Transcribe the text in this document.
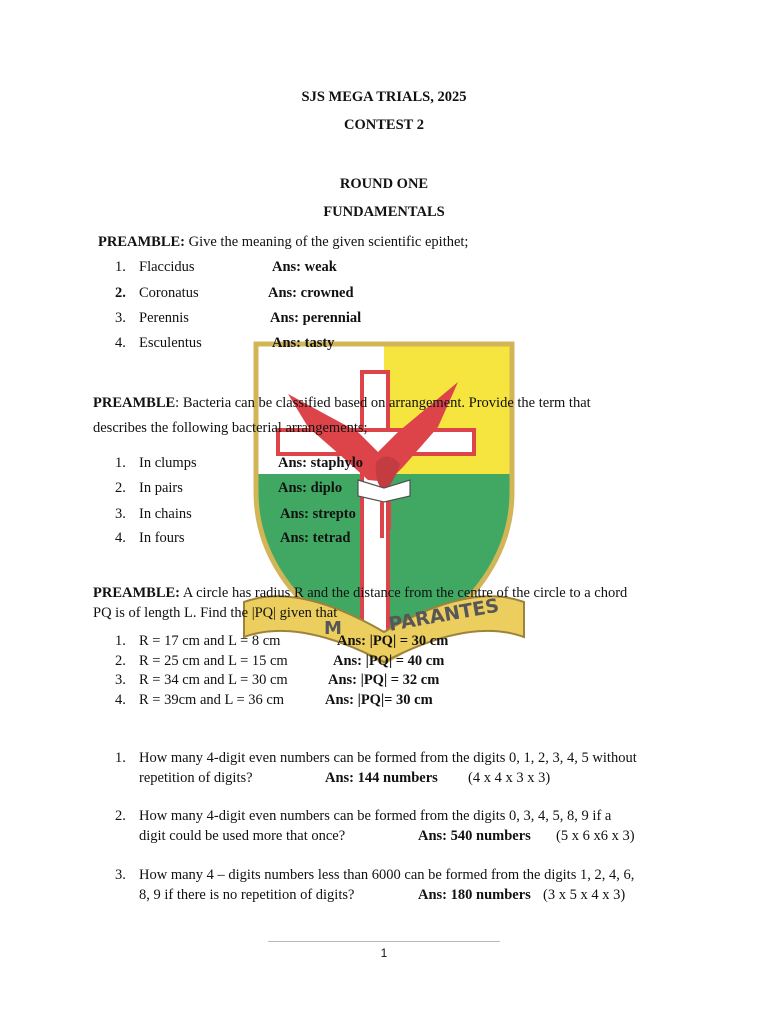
M PARANTES
SJS MEGA TRIALS, 2025
CONTEST 2
ROUND ONE
FUNDAMENTALS
PREAMBLE: Give the meaning of the given scientific epithet;
1. Flaccidus	Ans: weak
2. Coronatus	Ans: crowned
3. Perennis	Ans: perennial
4. Esculentus	Ans: tasty
PREAMBLE: Bacteria can be classified based on arrangement. Provide the term that
describes the following bacterial arrangements;
1. In clumps	Ans: staphylo
2. In pairs	Ans: diplo
3. In chains	Ans: strepto
4. In fours	Ans: tetrad
PREAMBLE: A circle has radius R and the distance from the centre of the circle to a chord
PQ is of length L. Find the |PQ| given that
1. R = 17 cm and L = 8 cm	Ans: |PQ| = 30 cm
2. R = 25 cm and L = 15 cm	Ans: |PQ| = 40 cm
3. R = 34 cm and L = 30 cm	Ans: |PQ| = 32 cm
4. R = 39cm and L = 36 cm	Ans: |PQ|= 30 cm
1. How many 4-digit even numbers can be formed from the digits 0, 1, 2, 3, 4, 5 without
repetition of digits?	Ans: 144 numbers (4 x 4 x 3 x 3)
2. How many 4-digit even numbers can be formed from the digits 0, 3, 4, 5, 8, 9 if a
digit could be used more that once?	Ans: 540 numbers (5 x 6 x6 x 3)
3. How many 4 – digits numbers less than 6000 can be formed from the digits 1, 2, 4, 6,
8, 9 if there is no repetition of digits?	Ans: 180 numbers (3 x 5 x 4 x 3)
1
